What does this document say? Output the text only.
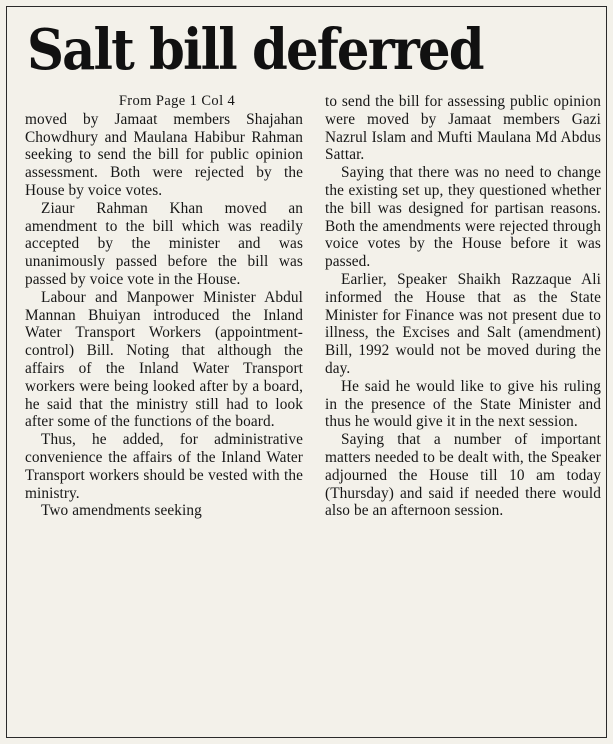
Salt bill deferred

From Page 1 Col 4

moved by Jamaat members Shajahan Chowdhury and Maulana Habibur Rahman seeking to send the bill for public opinion assessment. Both were rejected by the House by voice votes.

Ziaur Rahman Khan moved an amendment to the bill which was readily accepted by the minister and was unanimously passed before the bill was passed by voice vote in the House.

Labour and Manpower Minister Abdul Mannan Bhuiyan introduced the Inland Water Transport Workers (appointment-control) Bill. Noting that although the affairs of the Inland Water Transport workers were being looked after by a board, he said that the ministry still had to look after some of the functions of the board.

Thus, he added, for administrative convenience the affairs of the Inland Water Transport workers should be vested with the ministry.

Two amendments seeking

to send the bill for assessing public opinion were moved by Jamaat members Gazi Nazrul Islam and Mufti Maulana Md Abdus Sattar.

Saying that there was no need to change the existing set up, they questioned whether the bill was designed for partisan reasons. Both the amendments were rejected through voice votes by the House before it was passed.

Earlier, Speaker Shaikh Razzaque Ali informed the House that as the State Minister for Finance was not present due to illness, the Excises and Salt (amendment) Bill, 1992 would not be moved during the day.

He said he would like to give his ruling in the presence of the State Minister and thus he would give it in the next session.

Saying that a number of important matters needed to be dealt with, the Speaker adjourned the House till 10 am today (Thursday) and said if needed there would also be an afternoon session.
